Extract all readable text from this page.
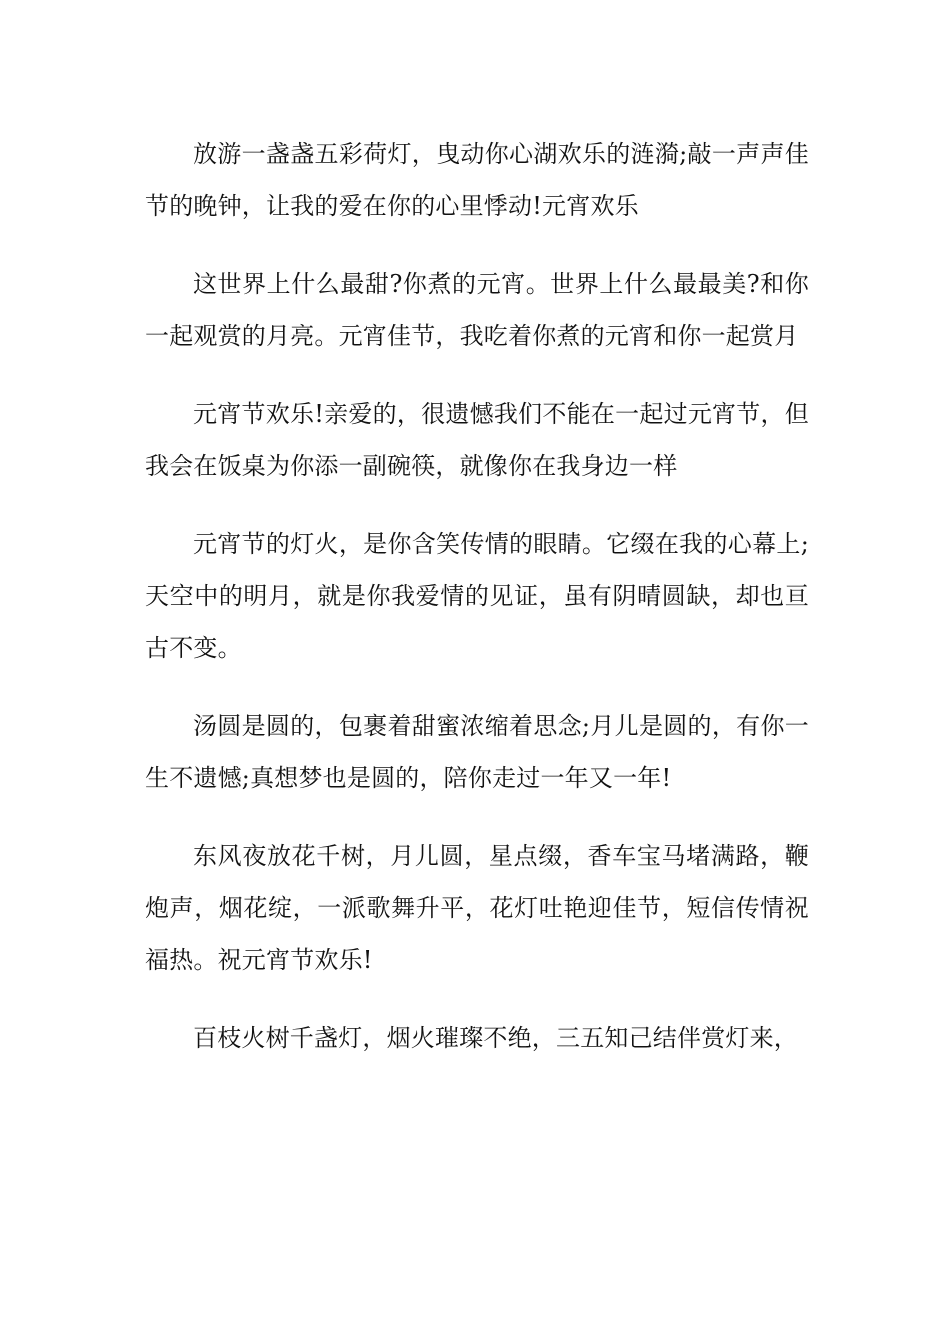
放游一盏盏五彩荷灯，曳动你心湖欢乐的涟漪;敲一声声佳节的晚钟，让我的爱在你的心里悸动!元宵欢乐

这世界上什么最甜?你煮的元宵。世界上什么最最美?和你一起观赏的月亮。元宵佳节，我吃着你煮的元宵和你一起赏月

元宵节欢乐!亲爱的，很遗憾我们不能在一起过元宵节，但我会在饭桌为你添一副碗筷，就像你在我身边一样

元宵节的灯火，是你含笑传情的眼睛。它缀在我的心幕上;天空中的明月，就是你我爱情的见证，虽有阴晴圆缺，却也亘古不变。

汤圆是圆的，包裹着甜蜜浓缩着思念;月儿是圆的，有你一生不遗憾;真想梦也是圆的，陪你走过一年又一年!

东风夜放花千树，月儿圆，星点缀，香车宝马堵满路，鞭炮声，烟花绽，一派歌舞升平，花灯吐艳迎佳节，短信传情祝福热。祝元宵节欢乐!

百枝火树千盏灯，烟火璀璨不绝，三五知己结伴赏灯来，
